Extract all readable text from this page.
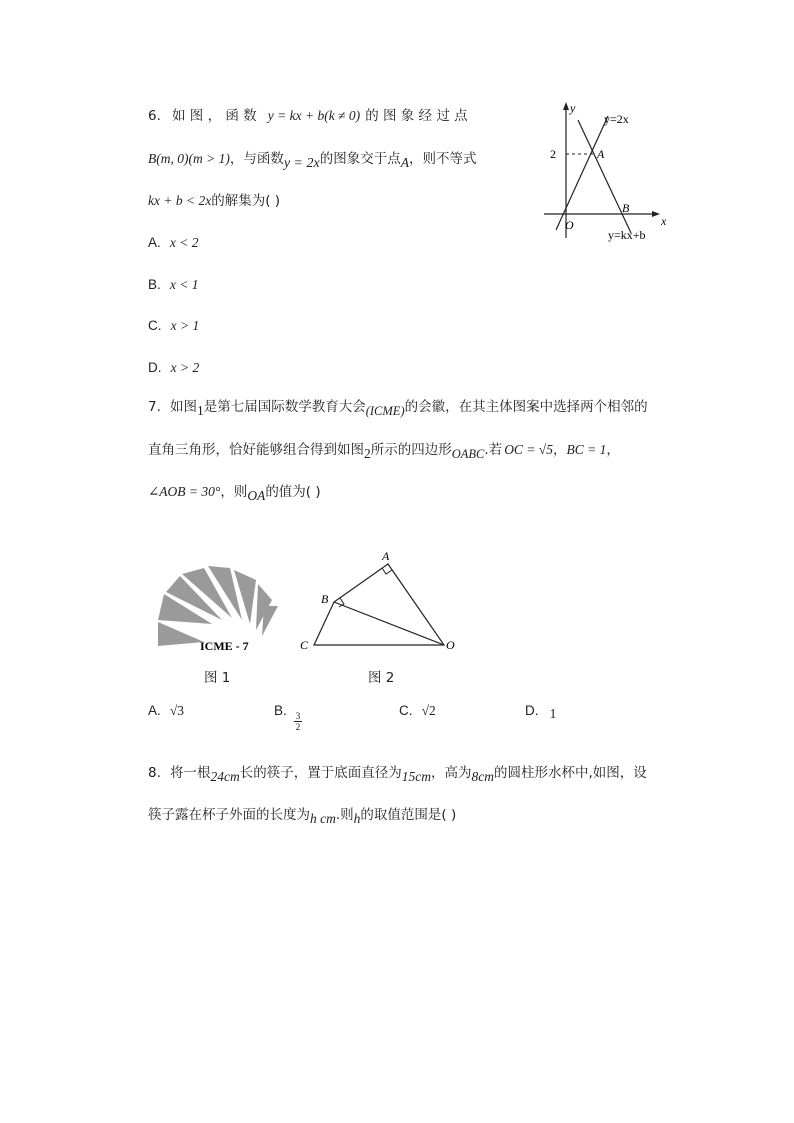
6. 如 图 ， 函 数 y = kx + b(k ≠ 0) 的 图 象 经 过 点
B(m, 0)(m > 1)，与函数y = 2x的图象交于点$_A$，则不等式
kx + b < 2x的解集为( )
A. x < 2
B. x < 1
C. x > 1
D. x > 2
y
x
2
O
A
B
y=2x
y=kx+b
7. 如图$_1$是第七届国际数学教育大会$_{(ICME)}$的会徽，在其主体图案中选择两个相邻的
直角三角形，恰好能够组合得到如图$_2$所示的四边形$_{OABC}$.若 OC = √5，BC = 1，
∠AOB = 30°，则$_{OA}$的值为( )
ICME - 7
图 1
A
B
C	O
图 2
A. √3	B. 3
2
C. √2	D. 1
8. 将一根$_{24cm}$长的筷子，置于底面直径为$_{15cm}$，高为$_{8cm}$的圆柱形水杯中,如图，设
筷子露在杯子外面的长度为$_{h cm}$.则$_h$的取值范围是( )
